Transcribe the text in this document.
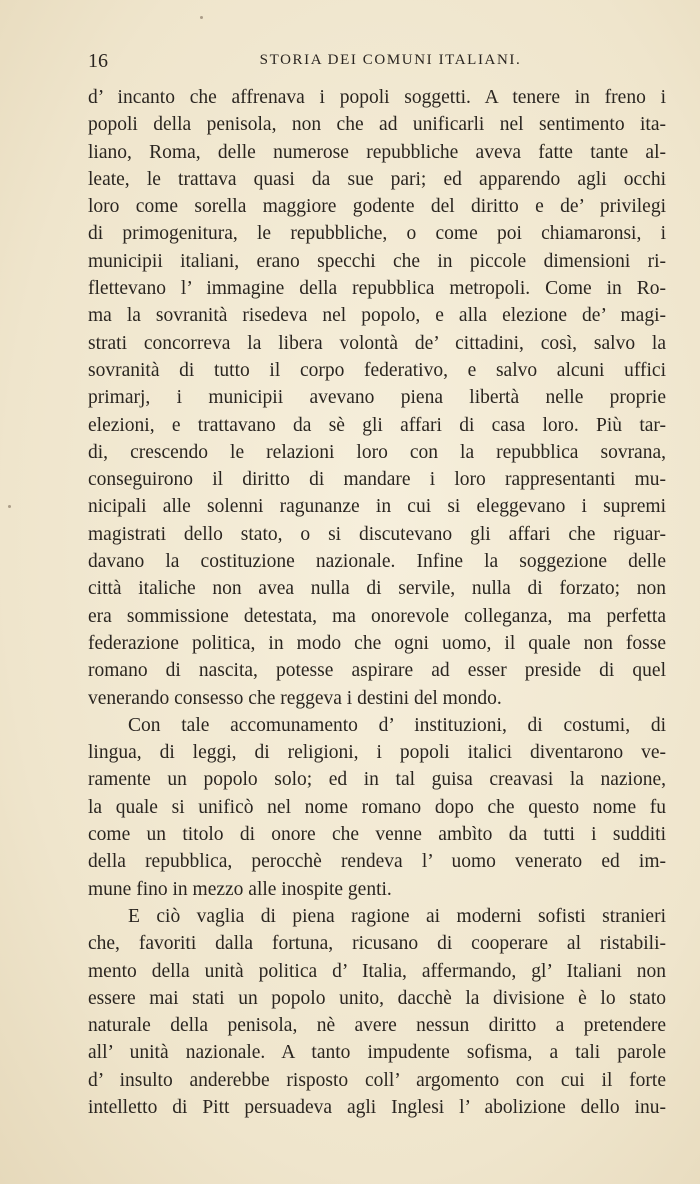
16	STORIA DEI COMUNI ITALIANI.
d’ incanto che affrenava i popoli soggetti. A tenere in freno i
popoli della penisola, non che ad unificarli nel sentimento ita-
liano, Roma, delle numerose repubbliche aveva fatte tante al-
leate, le trattava quasi da sue pari; ed apparendo agli occhi
loro come sorella maggiore godente del diritto e de’ privilegi
di primogenitura, le repubbliche, o come poi chiamaronsi, i
municipii italiani, erano specchi che in piccole dimensioni ri-
flettevano l’ immagine della repubblica metropoli. Come in Ro-
ma la sovranità risedeva nel popolo, e alla elezione de’ magi-
strati concorreva la libera volontà de’ cittadini, così, salvo la
sovranità di tutto il corpo federativo, e salvo alcuni uffici
primarj, i municipii avevano piena libertà nelle proprie
elezioni, e trattavano da sè gli affari di casa loro. Più tar-
di, crescendo le relazioni loro con la repubblica sovrana,
conseguirono il diritto di mandare i loro rappresentanti mu-
nicipali alle solenni ragunanze in cui si eleggevano i supremi
magistrati dello stato, o si discutevano gli affari che riguar-
davano la costituzione nazionale. Infine la soggezione delle
città italiche non avea nulla di servile, nulla di forzato; non
era sommissione detestata, ma onorevole colleganza, ma perfetta
federazione politica, in modo che ogni uomo, il quale non fosse
romano di nascita, potesse aspirare ad esser preside di quel
venerando consesso che reggeva i destini del mondo.
Con tale accomunamento d’ instituzioni, di costumi, di
lingua, di leggi, di religioni, i popoli italici diventarono ve-
ramente un popolo solo; ed in tal guisa creavasi la nazione,
la quale si unificò nel nome romano dopo che questo nome fu
come un titolo di onore che venne ambìto da tutti i sudditi
della repubblica, perocchè rendeva l’ uomo venerato ed im-
mune fino in mezzo alle inospite genti.
E ciò vaglia di piena ragione ai moderni sofisti stranieri
che, favoriti dalla fortuna, ricusano di cooperare al ristabili-
mento della unità politica d’ Italia, affermando, gl’ Italiani non
essere mai stati un popolo unito, dacchè la divisione è lo stato
naturale della penisola, nè avere nessun diritto a pretendere
all’ unità nazionale. A tanto impudente sofisma, a tali parole
d’ insulto anderebbe risposto coll’ argomento con cui il forte
intelletto di Pitt persuadeva agli Inglesi l’ abolizione dello inu-
